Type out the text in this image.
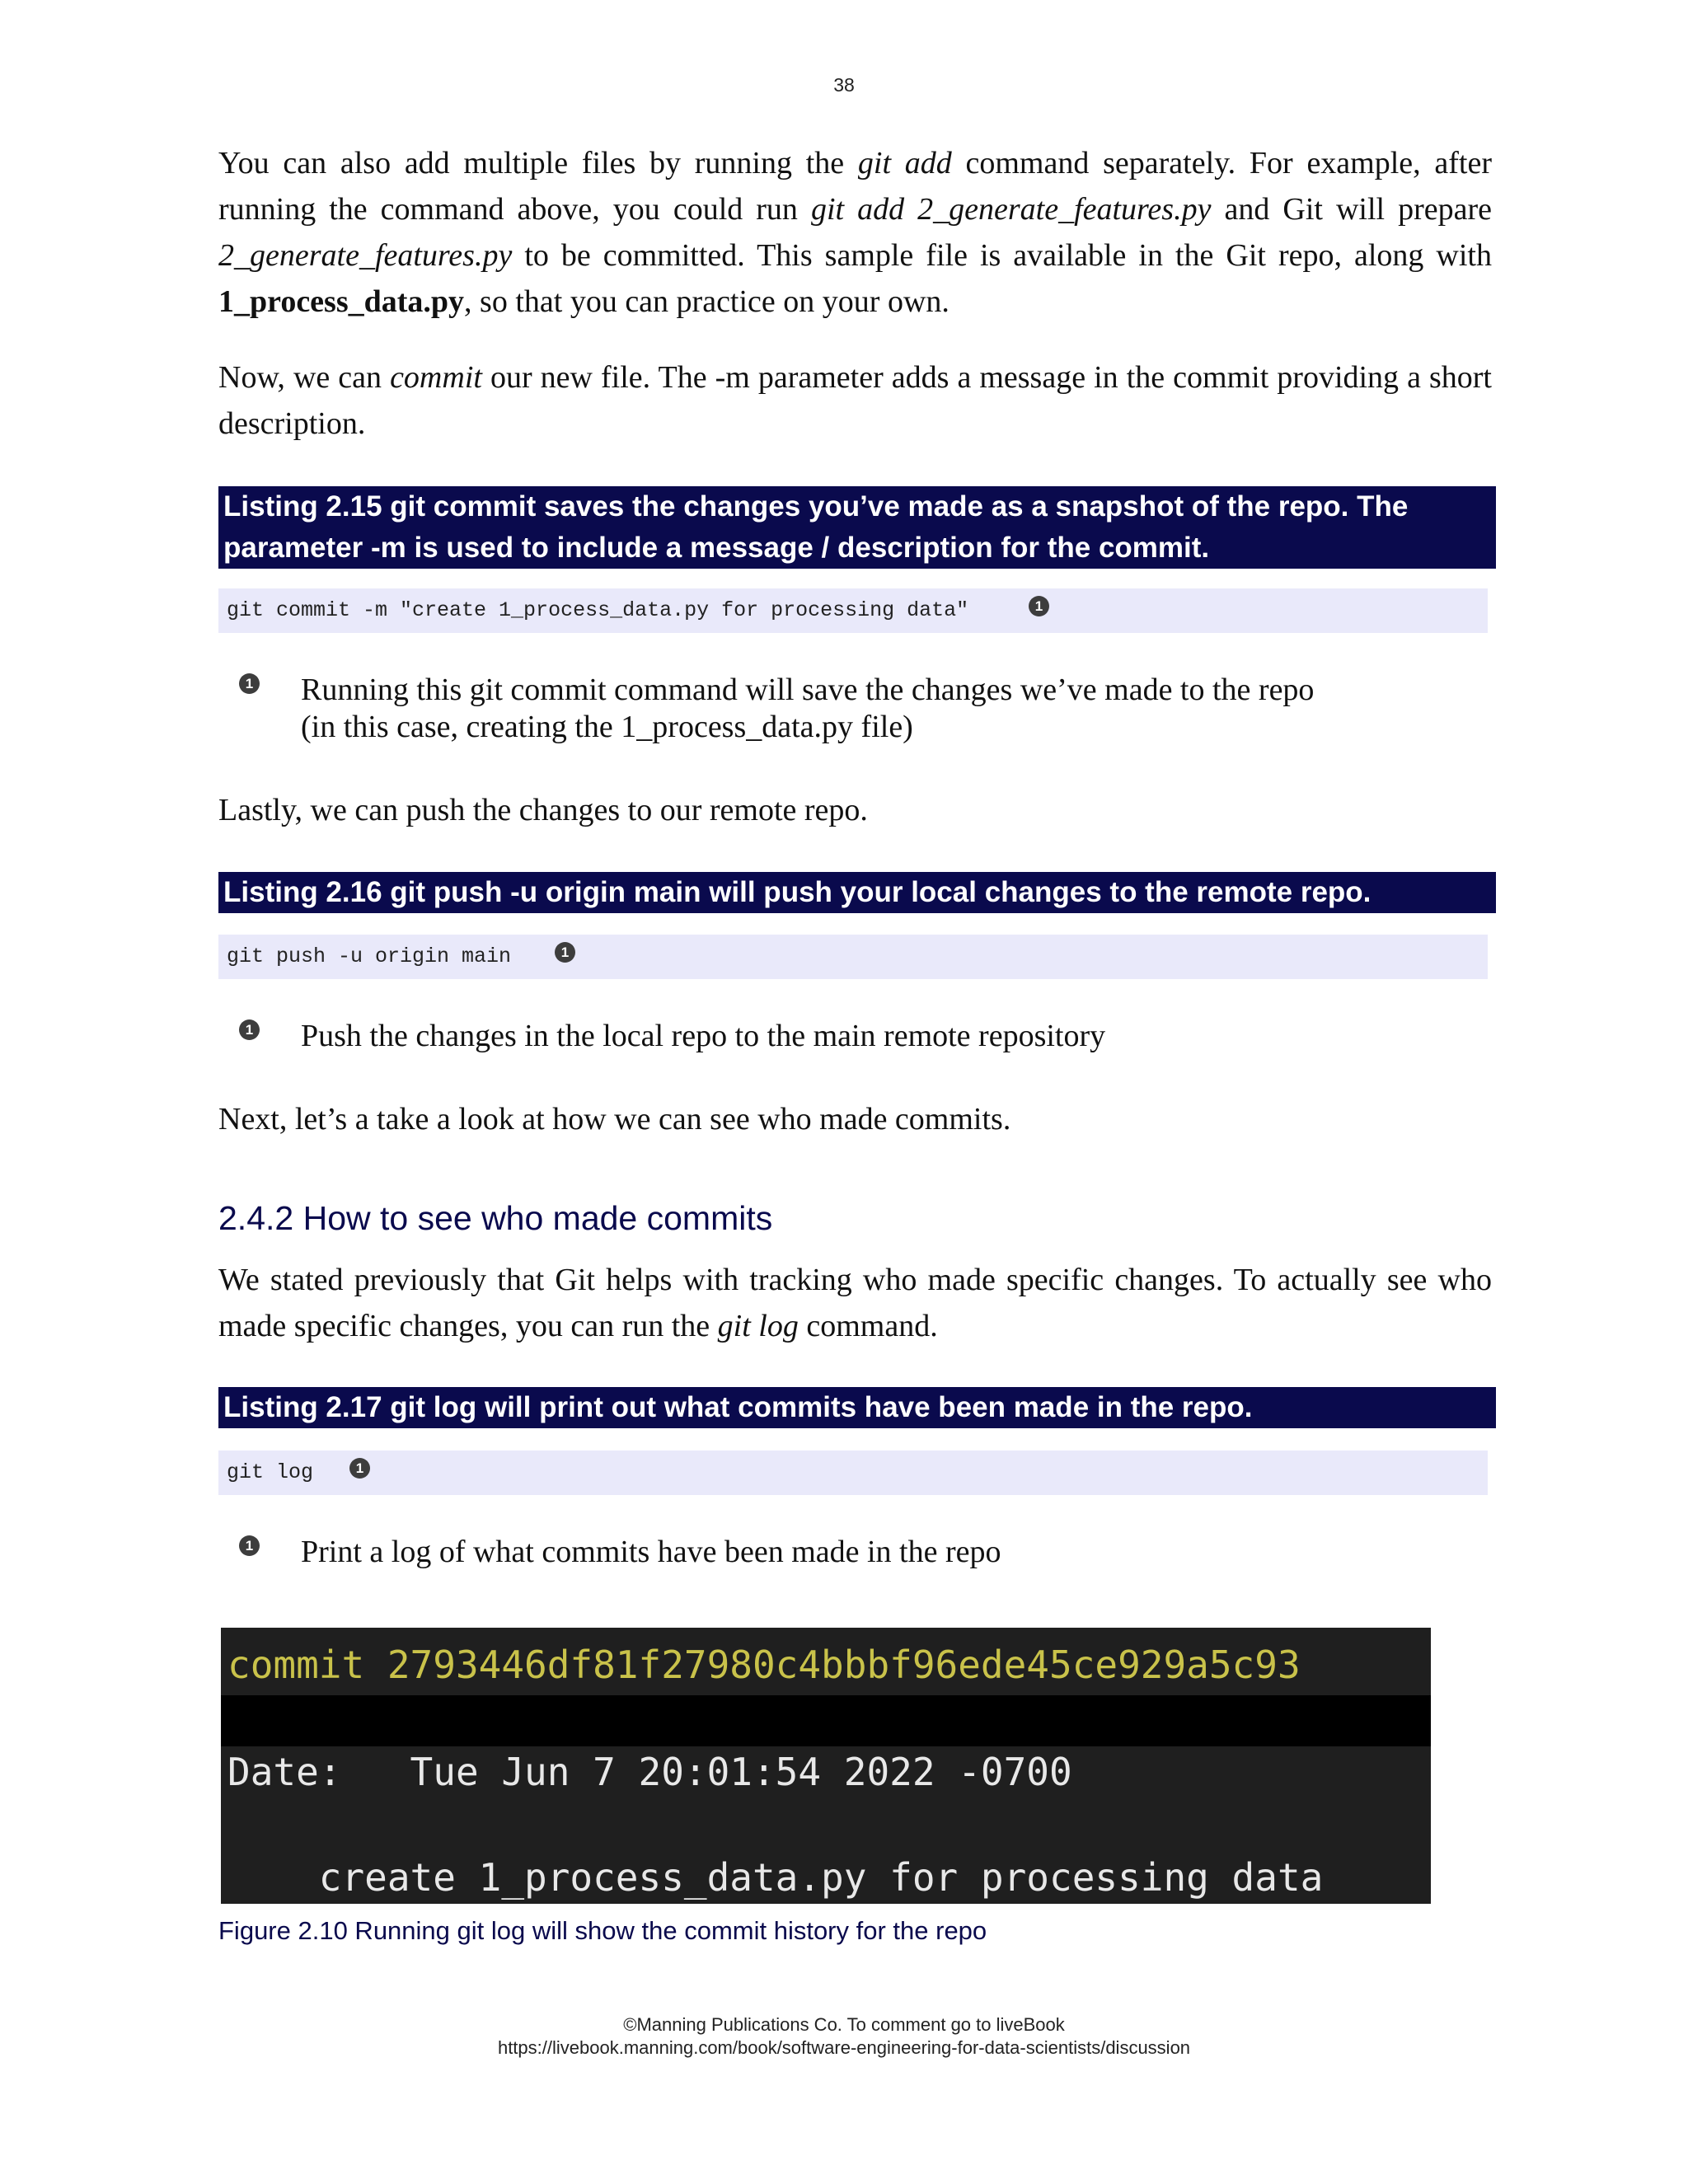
38
You can also add multiple files by running the git add command separately. For example, after running the command above, you could run git add 2_generate_features.py and Git will prepare 2_generate_features.py to be committed. This sample file is available in the Git repo, along with 1_process_data.py, so that you can practice on your own.
Now, we can commit our new file. The -m parameter adds a message in the commit providing a short description.
Listing 2.15 git commit saves the changes you’ve made as a snapshot of the repo. The parameter -m is used to include a message / description for the commit.
git commit -m "create 1_process_data.py for processing data"	1
1 Running this git commit command will save the changes we’ve made to the repo
(in this case, creating the 1_process_data.py file)
Lastly, we can push the changes to our remote repo.
Listing 2.16 git push -u origin main will push your local changes to the remote repo.
git push -u origin main	1
1 Push the changes in the local repo to the main remote repository
Next, let’s a take a look at how we can see who made commits.
2.4.2 How to see who made commits
We stated previously that Git helps with tracking who made specific changes. To actually see who made specific changes, you can run the git log command.
Listing 2.17 git log will print out what commits have been made in the repo.
git log	1
1 Print a log of what commits have been made in the repo
commit 2793446df81f27980c4bbbf96ede45ce929a5c93
Date:   Tue Jun 7 20:01:54 2022 -0700
create 1_process_data.py for processing data
Figure 2.10 Running git log will show the commit history for the repo
©Manning Publications Co. To comment go to liveBook
https://livebook.manning.com/book/software-engineering-for-data-scientists/discussion
